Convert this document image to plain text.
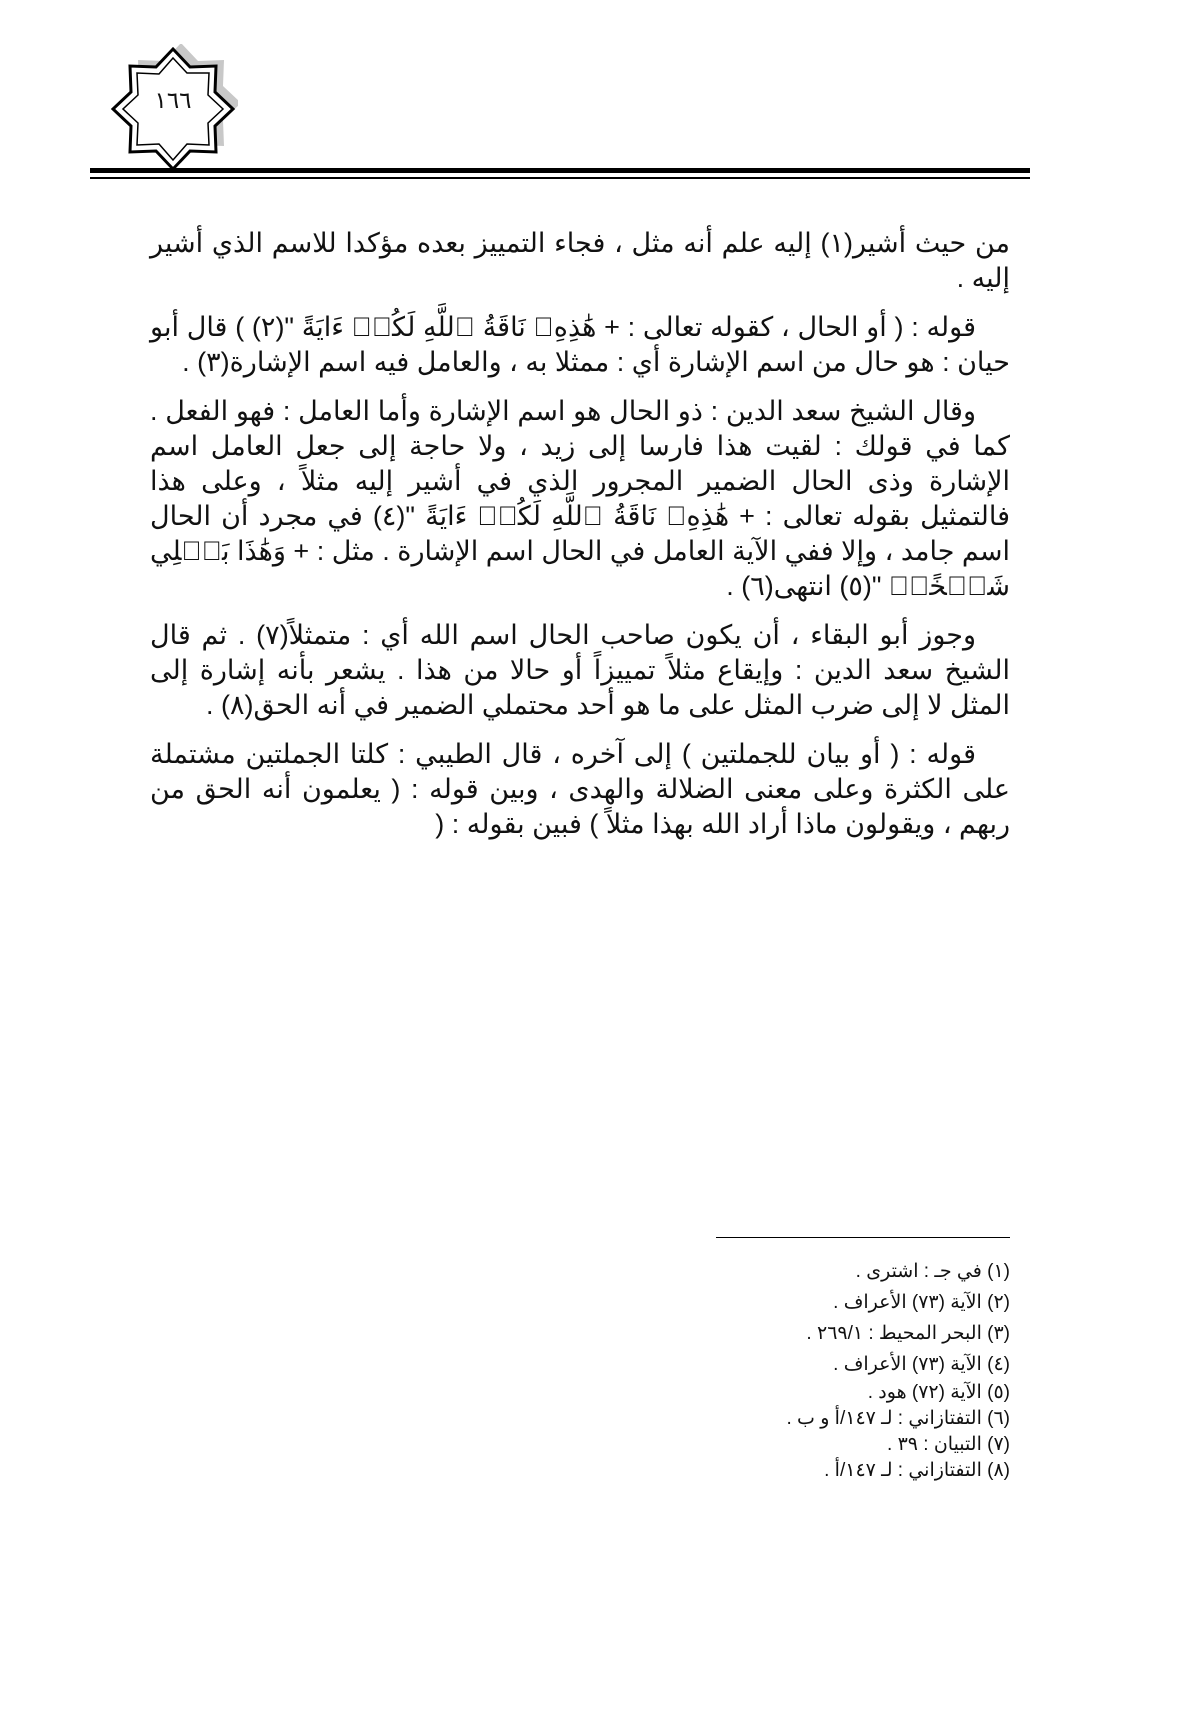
١٦٦

من حيث أشير(١) إليه علم أنه مثل ، فجاء التمييز بعده مؤكدا للاسم الذي أشير إليه .

قوله : ( أو الحال ، كقوله تعالى : + هَٰذِهِۦ نَاقَةُ ٱللَّهِ لَكُمۡ ءَايَةً "(٢) ) قال أبو حيان : هو حال من اسم الإشارة أي : ممثلا به ، والعامل فيه اسم الإشارة(٣) .

وقال الشيخ سعد الدين : ذو الحال هو اسم الإشارة وأما العامل : فهو الفعل . كما في قولك : لقيت هذا فارسا إلى زيد ، ولا حاجة إلى جعل العامل اسم الإشارة وذى الحال الضمير المجرور الذي في أشير إليه مثلاً ، وعلى هذا فالتمثيل بقوله تعالى : + هَٰذِهِۦ نَاقَةُ ٱللَّهِ لَكُمۡ ءَايَةً "(٤) في مجرد أن الحال اسم جامد ، وإلا ففي الآية العامل في الحال اسم الإشارة . مثل : + وَهَٰذَا بَعۡلِي شَيۡخًاۖ "(٥) انتهى(٦) .

وجوز أبو البقاء ، أن يكون صاحب الحال اسم الله أي : متمثلاً(٧) . ثم قال الشيخ سعد الدين : وإيقاع مثلاً تمييزاً أو حالا من هذا . يشعر بأنه إشارة إلى المثل لا إلى ضرب المثل على ما هو أحد محتملي الضمير في أنه الحق(٨) .

قوله : ( أو بيان للجملتين ) إلى آخره ، قال الطيبي : كلتا الجملتين مشتملة على الكثرة وعلى معنى الضلالة والهدى ، وبين قوله : ( يعلمون أنه الحق من ربهم ، ويقولون ماذا أراد الله بهذا مثلاً ) فبين بقوله : (

(١) في جـ : اشترى .
(٢) الآية (٧٣) الأعراف .
(٣) البحر المحيط : ٢٦٩/١ .
(٤) الآية (٧٣) الأعراف .
(٥) الآية (٧٢) هود .
(٦) التفتازاني : لـ ١٤٧/أ و ب .
(٧) التبيان : ٣٩ .
(٨) التفتازاني : لـ ١٤٧/أ .
